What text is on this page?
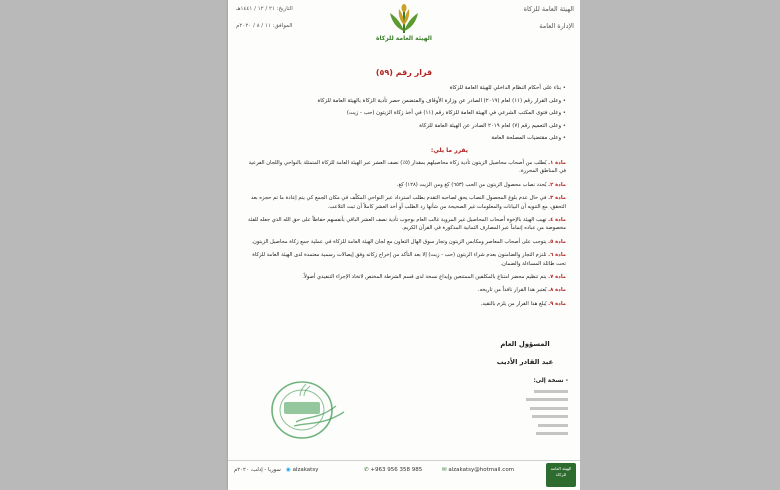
الهيئة العامة للزكاة
الإدارة العامة
التاريخ: ۲۱ / ۱۲ / ۱٤٤١هـ
الموافق: ۱۱ / ۸ / ۲۰۲۰م
الهيئة العامة للزكاة
قرار رقم (٥٩)
• بناء على أحكام النظام الداخلي للهيئة العامة للزكاة
• وعلى القرار رقم (١١) لعام (٢٠١٩) الصادر عن وزارة الأوقاف والمتضمن حصر تأدية الزكاة بالهيئة العامة للزكاة
• وعلى فتوى المكتب الشرعي في الهيئة العامة للزكاة رقم (١١) في أخذ زكاة الزيتون (حب - زيت)
• وعلى التعميم رقم (٧) لعام ٢٠١٩ الصادر عن الهيئة العامة للزكاة
• وعلى مقتضيات المصلحة العامة
يقرر ما يلي:
مادة ١. يُطلب من أصحاب محاصيل الزيتون تأدية زكاة محاصيلهم بمقدار (٥٪) نصف العشر عبر الهيئة العامة للزكاة المتمثلة بالنواحي واللجان الفرعية في المناطق المحررة.
مادة ٢. يُحدد نصاب محصول الزيتون من الحب (٦٥٣) كغ ومن الزيت (١٢٨) كغ.
مادة ٣. في حال عدم بلوغ المحصول النصاب يحق لصاحبه التقدم بطلب استرداد عبر النواحي المكلّف في مكان الجمع كي يتم إعادة ما تم حجزه بعد التحقق، مع التنويه أن البيانات والمعلومات غير الصحيحة من شأنها رد الطلب أو أخذ العشر كاملاً أن ثبت التلاعب.
مادة ٤. تهيب الهيئة بالإخوة أصحاب المحاصيل غير المروية غالب العام بوجوب تأدية نصف العشر الباقي بأنفسهم حفاظاً على حق الله الذي جعله للفئة مخصوصة من عباده إتماماً عبر المصارف الثمانية المذكورة في القرآن الكريم.
مادة ٥. يتوجب على أصحاب المعاصر ومكابس الزيتون وتجار سوق الهال التعاون مع لجان الهيئة العامة للزكاة في عملية جمع زكاة محاصيل الزيتون.
مادة ٦. تلتزم التجار والضامنون بعدم شراء الزيتون (حب - زيت) إلا بعد التأكد من إخراج زكاته وفق إيصالات رسمية معتمدة لدى الهيئة العامة للزكاة تحت طائلة المساءلة والضمان.
مادة ٧. يتم تنظيم محضر امتناع بالمكلفين الممتنعين وإيداع نسخة لدى قسم الشرطة المختص لاتخاذ الإجراء التنفيذي أصولاً.
مادة ٨. يُعتبر هذا القرار نافذاً من تاريخه.
مادة ٩. يُبلغ هذا القرار من يلزم بالتقيد.
المسؤول العام
عبد القادر الأديب
- نسخة إلى:
سوريا - إدلب، ٢٠٢٠م ◉ alzakatsy	✆ +963 956 358 985	✉ alzakatsy@hotmail.com	الهيئة العامة للزكاة
